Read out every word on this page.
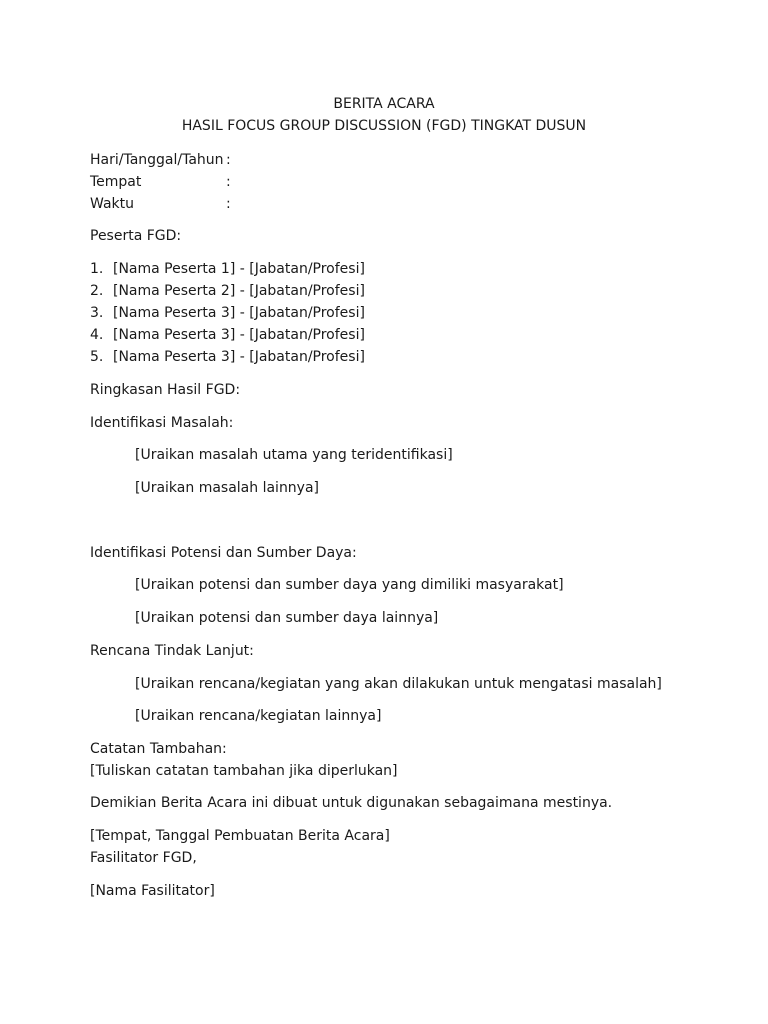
BERITA ACARA
HASIL FOCUS GROUP DISCUSSION (FGD) TINGKAT DUSUN
Hari/Tanggal/Tahun :
Tempat	:
Waktu	:
Peserta FGD:
1. [Nama Peserta 1] - [Jabatan/Profesi]
2. [Nama Peserta 2] - [Jabatan/Profesi]
3. [Nama Peserta 3] - [Jabatan/Profesi]
4. [Nama Peserta 3] - [Jabatan/Profesi]
5. [Nama Peserta 3] - [Jabatan/Profesi]
Ringkasan Hasil FGD:
Identifikasi Masalah:
[Uraikan masalah utama yang teridentifikasi]
[Uraikan masalah lainnya]
Identifikasi Potensi dan Sumber Daya:
[Uraikan potensi dan sumber daya yang dimiliki masyarakat]
[Uraikan potensi dan sumber daya lainnya]
Rencana Tindak Lanjut:
[Uraikan rencana/kegiatan yang akan dilakukan untuk mengatasi masalah]
[Uraikan rencana/kegiatan lainnya]
Catatan Tambahan:
[Tuliskan catatan tambahan jika diperlukan]
Demikian Berita Acara ini dibuat untuk digunakan sebagaimana mestinya.
[Tempat, Tanggal Pembuatan Berita Acara]
Fasilitator FGD,
[Nama Fasilitator]
